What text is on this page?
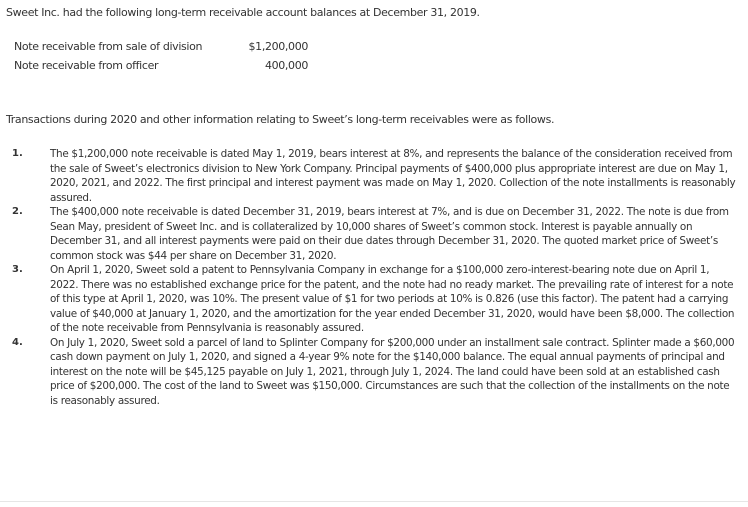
Sweet Inc. had the following long-term receivable account balances at December 31, 2019.
Note receivable from sale of division	$1,200,000
Note receivable from officer	400,000
Transactions during 2020 and other information relating to Sweet’s long-term receivables were as follows.
1.	The $1,200,000 note receivable is dated May 1, 2019, bears interest at 8%, and represents the balance of the consideration received from the sale of Sweet’s electronics division to New York Company. Principal payments of $400,000 plus appropriate interest are due on May 1, 2020, 2021, and 2022. The first principal and interest payment was made on May 1, 2020. Collection of the note installments is reasonably assured.
2.	The $400,000 note receivable is dated December 31, 2019, bears interest at 7%, and is due on December 31, 2022. The note is due from Sean May, president of Sweet Inc. and is collateralized by 10,000 shares of Sweet’s common stock. Interest is payable annually on December 31, and all interest payments were paid on their due dates through December 31, 2020. The quoted market price of Sweet’s common stock was $44 per share on December 31, 2020.
3.	On April 1, 2020, Sweet sold a patent to Pennsylvania Company in exchange for a $100,000 zero-interest-bearing note due on April 1, 2022. There was no established exchange price for the patent, and the note had no ready market. The prevailing rate of interest for a note of this type at April 1, 2020, was 10%. The present value of $1 for two periods at 10% is 0.826 (use this factor). The patent had a carrying value of $40,000 at January 1, 2020, and the amortization for the year ended December 31, 2020, would have been $8,000. The collection of the note receivable from Pennsylvania is reasonably assured.
4.	On July 1, 2020, Sweet sold a parcel of land to Splinter Company for $200,000 under an installment sale contract. Splinter made a $60,000 cash down payment on July 1, 2020, and signed a 4-year 9% note for the $140,000 balance. The equal annual payments of principal and interest on the note will be $45,125 payable on July 1, 2021, through July 1, 2024. The land could have been sold at an established cash price of $200,000. The cost of the land to Sweet was $150,000. Circumstances are such that the collection of the installments on the note is reasonably assured.
